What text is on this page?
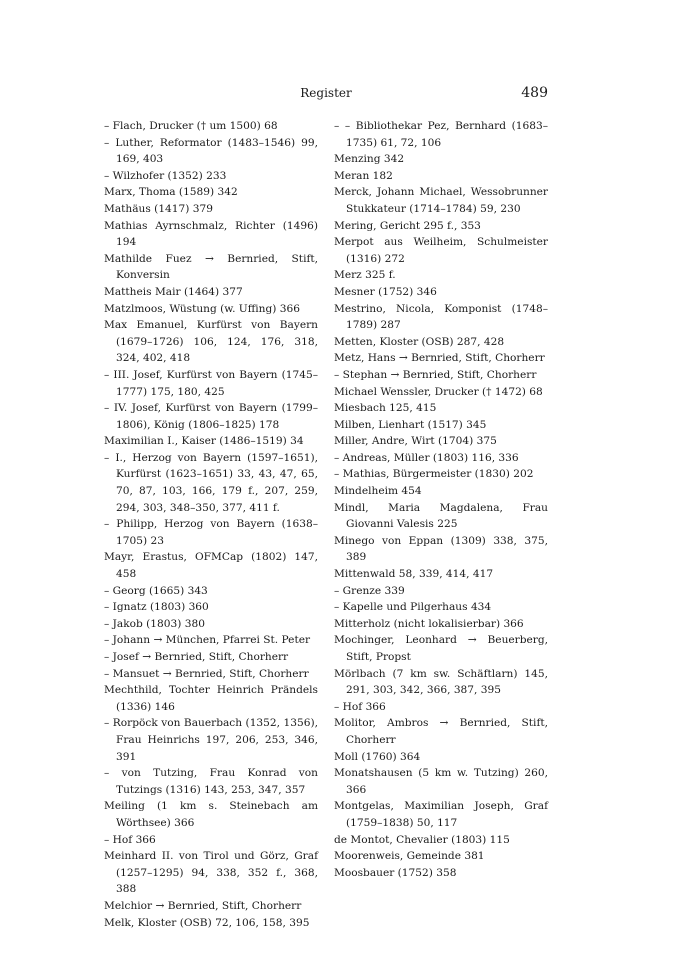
Register	489

– Flach, Drucker († um 1500) 68

– Luther, Reformator (1483–1546) 99, 169, 403

– Wilzhofer (1352) 233

Marx, Thoma (1589) 342

Mathäus (1417) 379

Mathias Ayrnschmalz, Richter (1496) 194

Mathilde Fuez → Bernried, Stift, Konversin

Mattheis Mair (1464) 377

Matzlmoos, Wüstung (w. Uffing) 366

Max Emanuel, Kurfürst von Bayern (1679–1726) 106, 124, 176, 318, 324, 402, 418

– III. Josef, Kurfürst von Bayern (1745–1777) 175, 180, 425

– IV. Josef, Kurfürst von Bayern (1799–1806), König (1806–1825) 178

Maximilian I., Kaiser (1486–1519) 34

– I., Herzog von Bayern (1597–1651), Kurfürst (1623–1651) 33, 43, 47, 65, 70, 87, 103, 166, 179 f., 207, 259, 294, 303, 348–350, 377, 411 f.

– Philipp, Herzog von Bayern (1638–1705) 23

Mayr, Erastus, OFMCap (1802) 147, 458

– Georg (1665) 343

– Ignatz (1803) 360

– Jakob (1803) 380

– Johann → München, Pfarrei St. Peter

– Josef → Bernried, Stift, Chorherr

– Mansuet → Bernried, Stift, Chorherr

Mechthild, Tochter Heinrich Prändels (1336) 146

– Rorpöck von Bauerbach (1352, 1356), Frau Heinrichs 197, 206, 253, 346, 391

– von Tutzing, Frau Konrad von Tutzings (1316) 143, 253, 347, 357

Meiling (1 km s. Steinebach am Wörthsee) 366

– Hof 366

Meinhard II. von Tirol und Görz, Graf (1257–1295) 94, 338, 352 f., 368, 388

Melchior → Bernried, Stift, Chorherr

Melk, Kloster (OSB) 72, 106, 158, 395

– – Bibliothekar Pez, Bernhard (1683–1735) 61, 72, 106

Menzing 342

Meran 182

Merck, Johann Michael, Wessobrunner Stukkateur (1714–1784) 59, 230

Mering, Gericht 295 f., 353

Merpot aus Weilheim, Schulmeister (1316) 272

Merz 325 f.

Mesner (1752) 346

Mestrino, Nicola, Komponist (1748–1789) 287

Metten, Kloster (OSB) 287, 428

Metz, Hans → Bernried, Stift, Chorherr

– Stephan → Bernried, Stift, Chorherr

Michael Wenssler, Drucker († 1472) 68

Miesbach 125, 415

Milben, Lienhart (1517) 345

Miller, Andre, Wirt (1704) 375

– Andreas, Müller (1803) 116, 336

– Mathias, Bürgermeister (1830) 202

Mindelheim 454

Mindl, Maria Magdalena, Frau Giovanni Valesis 225

Minego von Eppan (1309) 338, 375, 389

Mittenwald 58, 339, 414, 417

– Grenze 339

– Kapelle und Pilgerhaus 434

Mitterholz (nicht lokalisierbar) 366

Mochinger, Leonhard → Beuerberg, Stift, Propst

Mörlbach (7 km sw. Schäftlarn) 145, 291, 303, 342, 366, 387, 395

– Hof 366

Molitor, Ambros → Bernried, Stift, Chorherr

Moll (1760) 364

Monatshausen (5 km w. Tutzing) 260, 366

Montgelas, Maximilian Joseph, Graf (1759–1838) 50, 117

de Montot, Chevalier (1803) 115

Moorenweis, Gemeinde 381

Moosbauer (1752) 358
